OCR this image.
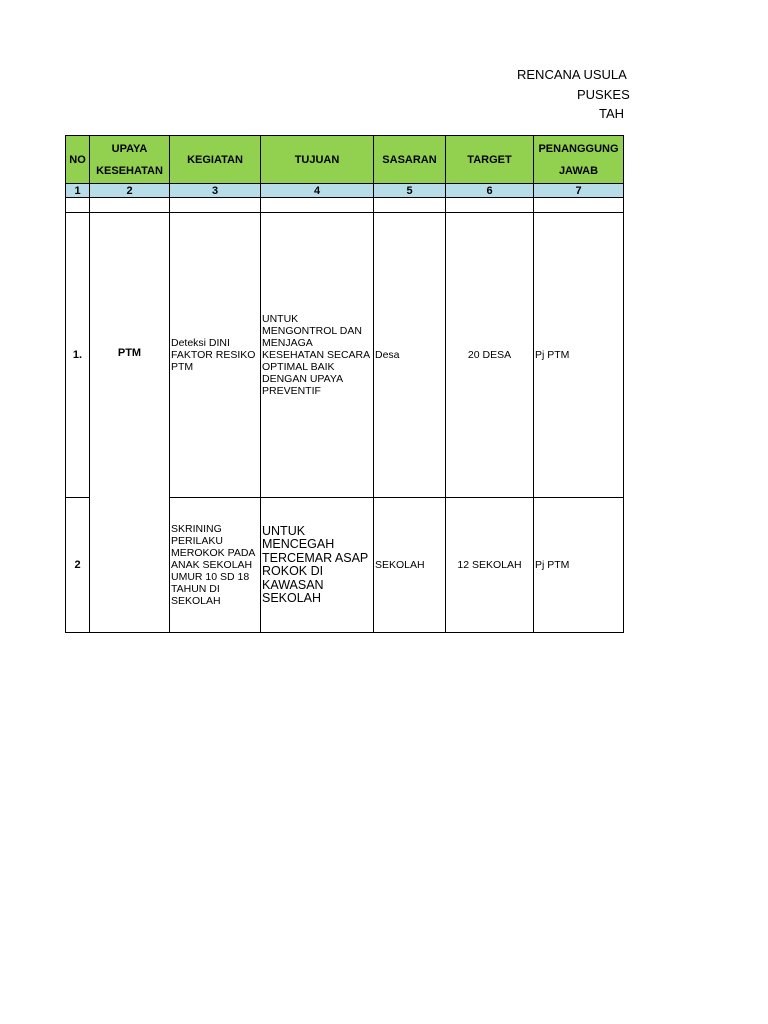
RENCANA USULA
PUSKES
TAH
NO	UPAYA KESEHATAN	KEGIATAN	TUJUAN	SASARAN	TARGET	PENANGGUNG JAWAB
1	2	3	4	5	6	7

1.	PTM	Deteksi DINI FAKTOR RESIKO PTM	UNTUK MENGONTROL DAN MENJAGA KESEHATAN SECARA OPTIMAL BAIK DENGAN UPAYA PREVENTIF	Desa	20 DESA	Pj PTM
2		SKRINING PERILAKU MEROKOK PADA ANAK SEKOLAH UMUR 10 SD 18 TAHUN DI SEKOLAH	UNTUK MENCEGAH TERCEMAR ASAP ROKOK DI KAWASAN SEKOLAH	SEKOLAH	12 SEKOLAH	Pj PTM
